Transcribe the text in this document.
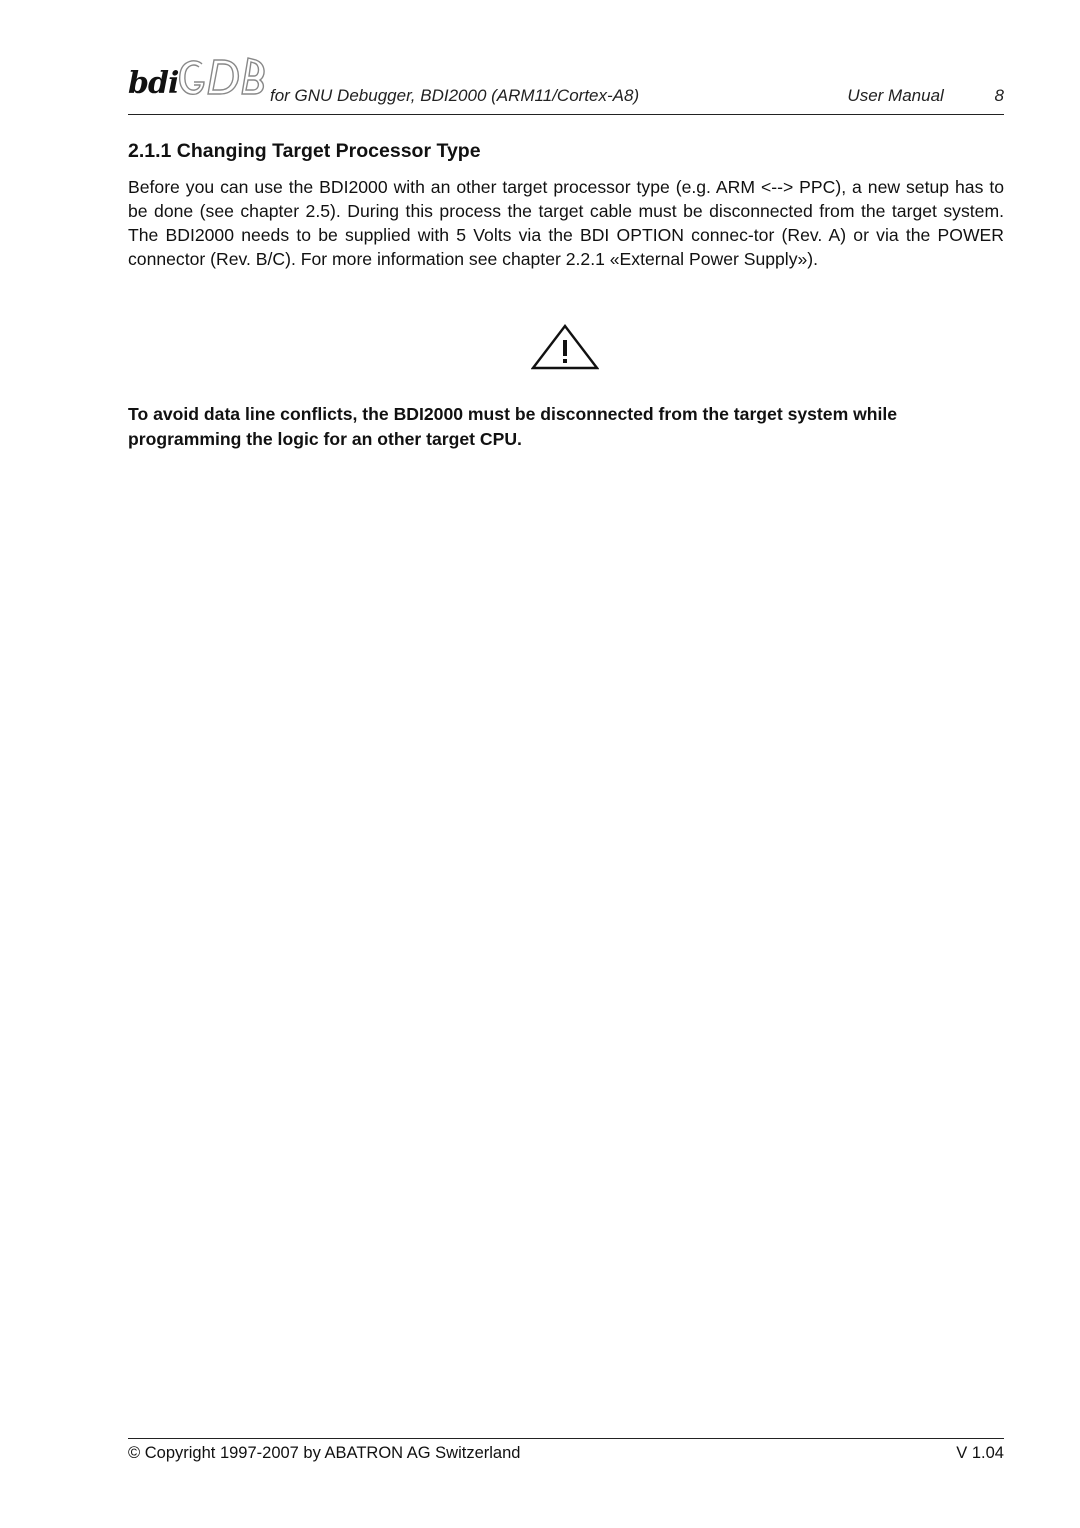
bdi	for GNU Debugger, BDI2000 (ARM11/Cortex-A8)	User Manual	8
2.1.1 Changing Target Processor Type
Before you can use the BDI2000 with an other target processor type (e.g. ARM <--> PPC), a new setup has to be done (see chapter 2.5). During this process the target cable must be disconnected from the target system. The BDI2000 needs to be supplied with 5 Volts via the BDI OPTION connec-tor (Rev. A) or via the POWER connector (Rev. B/C). For more information see chapter 2.2.1 «External Power Supply»).
To avoid data line conflicts, the BDI2000 must be disconnected from the target system while programming the logic for an other target CPU.
© Copyright 1997-2007 by ABATRON AG Switzerland	V 1.04
